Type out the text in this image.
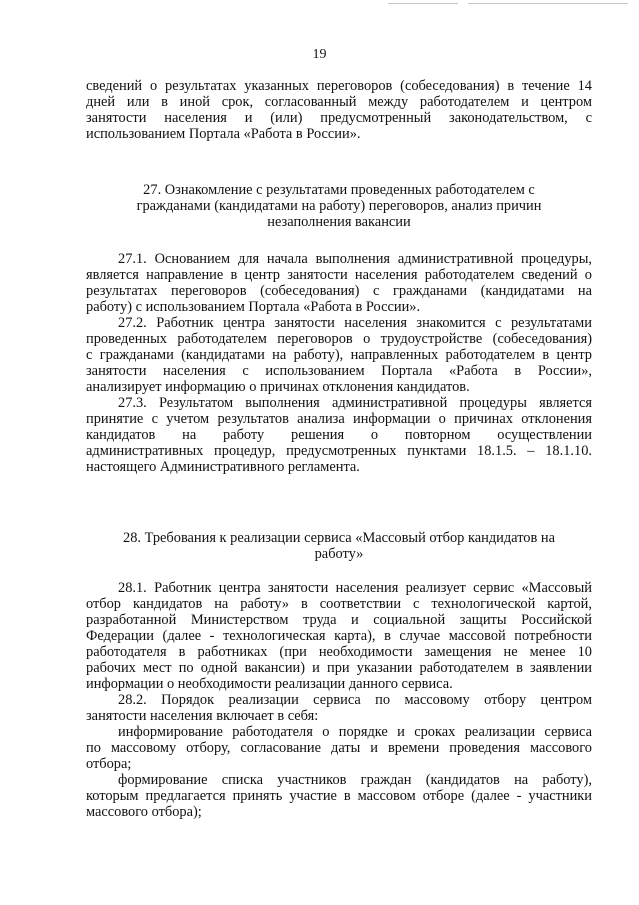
19
сведений о результатах указанных переговоров (собеседования) в течение 14
дней или в иной срок, согласованный между работодателем и центром
занятости населения и (или) предусмотренный законодательством, с
использованием Портала «Работа в России».
27. Ознакомление с результатами проведенных работодателем с
гражданами (кандидатами на работу) переговоров, анализ причин
незаполнения вакансии
27.1. Основанием для начала выполнения административной процедуры,
является направление в центр занятости населения работодателем сведений о
результатах переговоров (собеседования) с гражданами (кандидатами на
работу) с использованием Портала «Работа в России».
27.2. Работник центра занятости населения знакомится с результатами
проведенных работодателем переговоров о трудоустройстве (собеседования)
с гражданами (кандидатами на работу), направленных работодателем в центр
занятости населения с использованием Портала «Работа в России»,
анализирует информацию о причинах отклонения кандидатов.
27.3. Результатом выполнения административной процедуры является
принятие с учетом результатов анализа информации о причинах отклонения
кандидатов на работу решения о повторном осуществлении
административных процедур, предусмотренных пунктами 18.1.5. – 18.1.10.
настоящего Административного регламента.
28. Требования к реализации сервиса «Массовый отбор кандидатов на
работу»
28.1. Работник центра занятости населения реализует сервис «Массовый
отбор кандидатов на работу» в соответствии с технологической картой,
разработанной Министерством труда и социальной защиты Российской
Федерации (далее - технологическая карта), в случае массовой потребности
работодателя в работниках (при необходимости замещения не менее 10
рабочих мест по одной вакансии) и при указании работодателем в заявлении
информации о необходимости реализации данного сервиса.
28.2. Порядок реализации сервиса по массовому отбору центром
занятости населения включает в себя:
информирование работодателя о порядке и сроках реализации сервиса
по массовому отбору, согласование даты и времени проведения массового
отбора;
формирование списка участников граждан (кандидатов на работу),
которым предлагается принять участие в массовом отборе (далее - участники
массового отбора);
